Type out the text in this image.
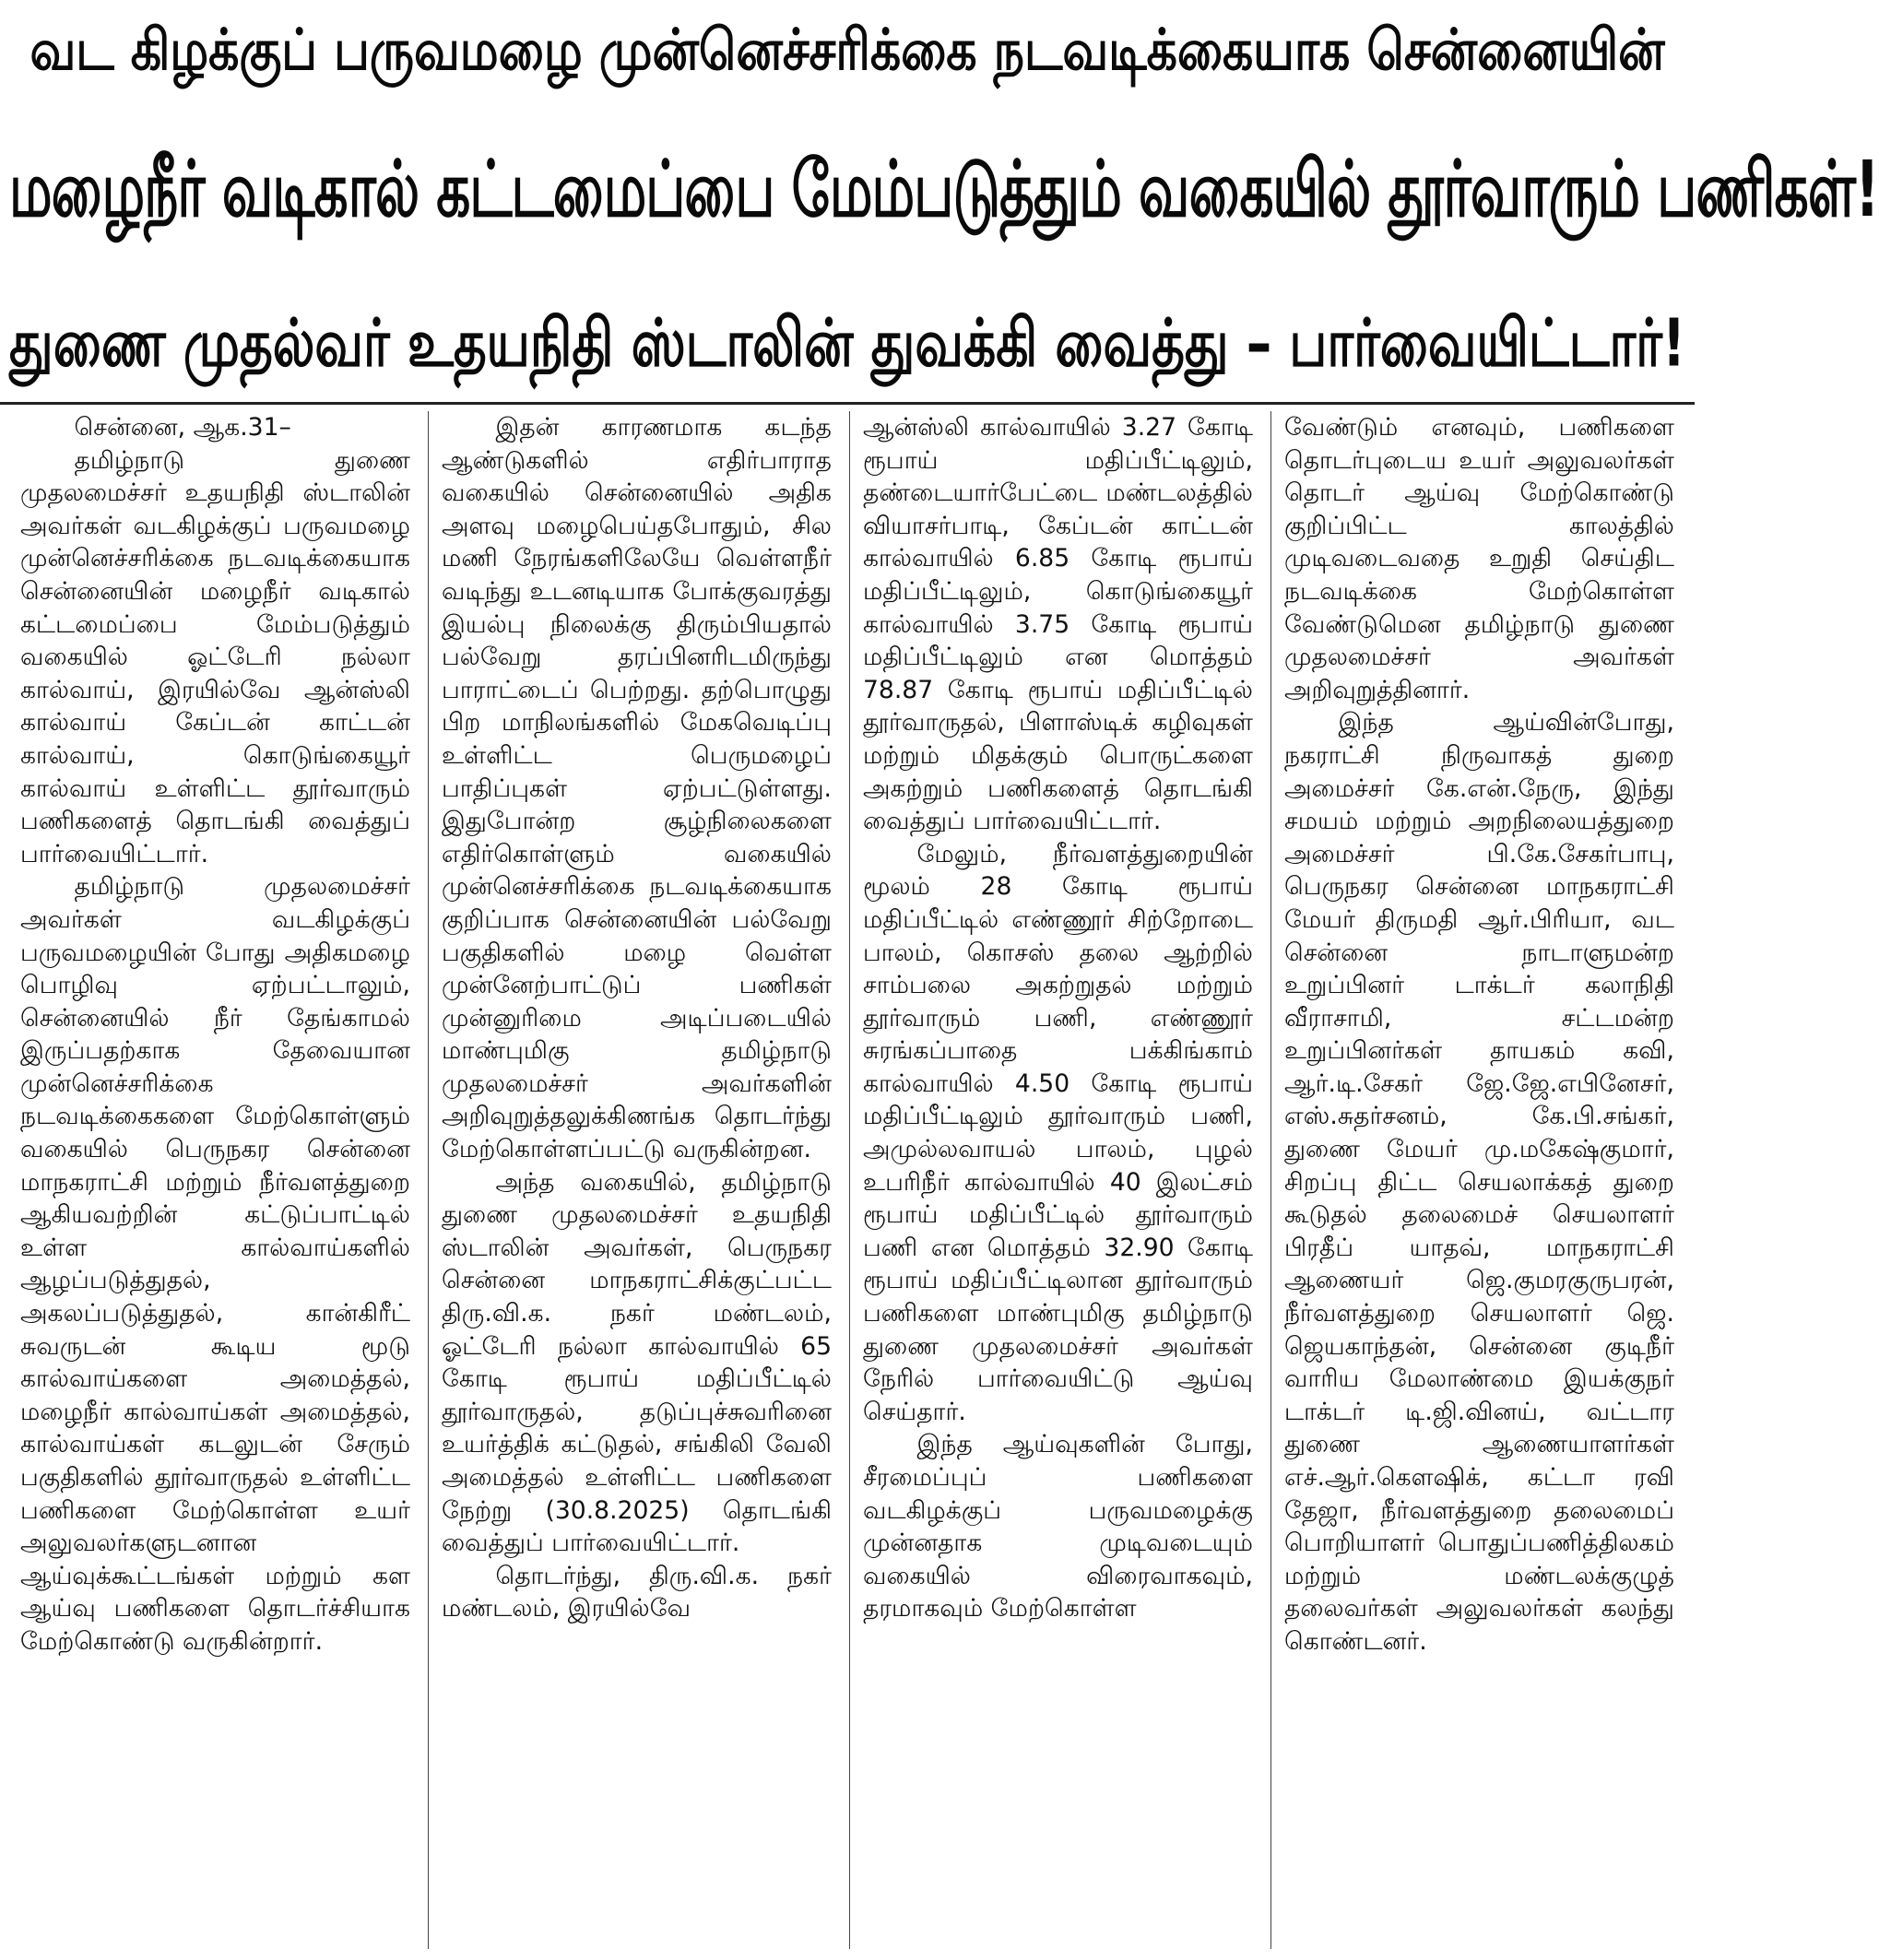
வட கிழக்குப் பருவமழை முன்னெச்சரிக்கை நடவடிக்கையாக சென்னையின்
மழைநீர் வடிகால் கட்டமைப்பை மேம்படுத்தும் வகையில் தூர்வாரும் பணிகள்!
துணை முதல்வர் உதயநிதி ஸ்டாலின் துவக்கி வைத்து – பார்வையிட்டார்!

சென்னை, ஆக.31–

தமிழ்நாடு துணை முதலமைச்சர் உதயநிதி ஸ்டாலின் அவர்கள் வடகிழக்குப் பருவமழை முன்னெச்சரிக்கை நடவடிக்கையாக சென்னையின் மழைநீர் வடிகால் கட்டமைப்பை மேம்படுத்தும் வகையில் ஓட்டேரி நல்லா கால்வாய், இரயில்வே ஆன்ஸ்லி கால்வாய் கேப்டன் காட்டன் கால்வாய், கொடுங்கையூர் கால்வாய் உள்ளிட்ட தூர்வாரும் பணிகளைத் தொடங்கி வைத்துப் பார்வையிட்டார்.

தமிழ்நாடு முதலமைச்சர் அவர்கள் வடகிழக்குப் பருவமழையின் போது அதிகமழை பொழிவு ஏற்பட்டாலும், சென்னையில் நீர் தேங்காமல் இருப்பதற்காக தேவையான முன்னெச்சரிக்கை நடவடிக்கைகளை மேற்கொள்ளும் வகையில் பெருநகர சென்னை மாநகராட்சி மற்றும் நீர்வளத்துறை ஆகியவற்றின் கட்டுப்பாட்டில் உள்ள கால்வாய்களில் ஆழப்படுத்துதல், அகலப்படுத்துதல், கான்கிரீட் சுவருடன் கூடிய மூடு கால்வாய்களை அமைத்தல், மழைநீர் கால்வாய்கள் அமைத்தல், கால்வாய்கள் கடலுடன் சேரும் பகுதிகளில் தூர்வாருதல் உள்ளிட்ட பணிகளை மேற்கொள்ள உயர் அலுவலர்களுடனான ஆய்வுக்கூட்டங்கள் மற்றும் கள ஆய்வு பணிகளை தொடர்ச்சியாக மேற்கொண்டு வருகின்றார்.

இதன் காரணமாக கடந்த ஆண்டுகளில் எதிர்பாராத வகையில் சென்னையில் அதிக அளவு மழைபெய்தபோதும், சில மணி நேரங்களிலேயே வெள்ளநீர் வடிந்து உடனடியாக போக்குவரத்து இயல்பு நிலைக்கு திரும்பியதால் பல்வேறு தரப்பினரிடமிருந்து பாராட்டைப் பெற்றது. தற்பொழுது பிற மாநிலங்களில் மேகவெடிப்பு உள்ளிட்ட பெருமழைப் பாதிப்புகள் ஏற்பட்டுள்ளது. இதுபோன்ற சூழ்நிலைகளை எதிர்கொள்ளும் வகையில் முன்னெச்சரிக்கை நடவடிக்கையாக குறிப்பாக சென்னையின் பல்வேறு பகுதிகளில் மழை வெள்ள முன்னேற்பாட்டுப் பணிகள் முன்னுரிமை அடிப்படையில் மாண்புமிகு தமிழ்நாடு முதலமைச்சர் அவர்களின் அறிவுறுத்தலுக்கிணங்க தொடர்ந்து மேற்கொள்ளப்பட்டு வருகின்றன.

அந்த வகையில், தமிழ்நாடு துணை முதலமைச்சர் உதயநிதி ஸ்டாலின் அவர்கள், பெருநகர சென்னை மாநகராட்சிக்குட்பட்ட திரு.வி.க. நகர் மண்டலம், ஓட்டேரி நல்லா கால்வாயில் 65 கோடி ரூபாய் மதிப்பீட்டில் தூர்வாருதல், தடுப்புச்சுவரினை உயர்த்திக் கட்டுதல், சங்கிலி வேலி அமைத்தல் உள்ளிட்ட பணிகளை நேற்று (30.8.2025) தொடங்கி வைத்துப் பார்வையிட்டார்.

தொடர்ந்து, திரு.வி.க. நகர் மண்டலம், இரயில்வே

ஆன்ஸ்லி கால்வாயில் 3.27 கோடி ரூபாய் மதிப்பீட்டிலும், தண்டையார்பேட்டை மண்டலத்தில் வியாசர்பாடி, கேப்டன் காட்டன் கால்வாயில் 6.85 கோடி ரூபாய் மதிப்பீட்டிலும், கொடுங்கையூர் கால்வாயில் 3.75 கோடி ரூபாய் மதிப்பீட்டிலும் என மொத்தம் 78.87 கோடி ரூபாய் மதிப்பீட்டில் தூர்வாருதல், பிளாஸ்டிக் கழிவுகள் மற்றும் மிதக்கும் பொருட்களை அகற்றும் பணிகளைத் தொடங்கி வைத்துப் பார்வையிட்டார்.

மேலும், நீர்வளத்துறையின் மூலம் 28 கோடி ரூபாய் மதிப்பீட்டில் எண்ணூர் சிற்றோடை பாலம், கொசஸ் தலை ஆற்றில் சாம்பலை அகற்றுதல் மற்றும் தூர்வாரும் பணி, எண்ணூர் சுரங்கப்பாதை பக்கிங்காம் கால்வாயில் 4.50 கோடி ரூபாய் மதிப்பீட்டிலும் தூர்வாரும் பணி, அமுல்லவாயல் பாலம், புழல் உபரிநீர் கால்வாயில் 40 இலட்சம் ரூபாய் மதிப்பீட்டில் தூர்வாரும் பணி என மொத்தம் 32.90 கோடி ரூபாய் மதிப்பீட்டிலான தூர்வாரும் பணிகளை மாண்புமிகு தமிழ்நாடு துணை முதலமைச்சர் அவர்கள் நேரில் பார்வையிட்டு ஆய்வு செய்தார்.

இந்த ஆய்வுகளின் போது, சீரமைப்புப் பணிகளை வடகிழக்குப் பருவமழைக்கு முன்னதாக முடிவடையும் வகையில் விரைவாகவும், தரமாகவும் மேற்கொள்ள

வேண்டும் எனவும், பணிகளை தொடர்புடைய உயர் அலுவலர்கள் தொடர் ஆய்வு மேற்கொண்டு குறிப்பிட்ட காலத்தில் முடிவடைவதை உறுதி செய்திட நடவடிக்கை மேற்கொள்ள வேண்டுமென தமிழ்நாடு துணை முதலமைச்சர் அவர்கள் அறிவுறுத்தினார்.

இந்த ஆய்வின்போது, நகராட்சி நிருவாகத் துறை அமைச்சர் கே.என்.நேரு, இந்து சமயம் மற்றும் அறநிலையத்துறை அமைச்சர் பி.கே.சேகர்பாபு, பெருநகர சென்னை மாநகராட்சி மேயர் திருமதி ஆர்.பிரியா, வட சென்னை நாடாளுமன்ற உறுப்பினர் டாக்டர் கலாநிதி வீராசாமி, சட்டமன்ற உறுப்பினர்கள் தாயகம் கவி, ஆர்.டி.சேகர் ஜே.ஜே.எபினேசர், எஸ்.சுதர்சனம், கே.பி.சங்கர், துணை மேயர் மு.மகேஷ்குமார், சிறப்பு திட்ட செயலாக்கத் துறை கூடுதல் தலைமைச் செயலாளர் பிரதீப் யாதவ், மாநகராட்சி ஆணையர் ஜெ.குமரகுருபரன், நீர்வளத்துறை செயலாளர் ஜெ. ஜெயகாந்தன், சென்னை குடிநீர் வாரிய மேலாண்மை இயக்குநர் டாக்டர் டி.ஜி.வினய், வட்டார துணை ஆணையாளர்கள் எச்.ஆர்.கௌஷிக், கட்டா ரவி தேஜா, நீர்வளத்துறை தலைமைப் பொறியாளர் பொதுப்பணித்திலகம் மற்றும் மண்டலக்குழுத் தலைவர்கள் அலுவலர்கள் கலந்து கொண்டனர்.
